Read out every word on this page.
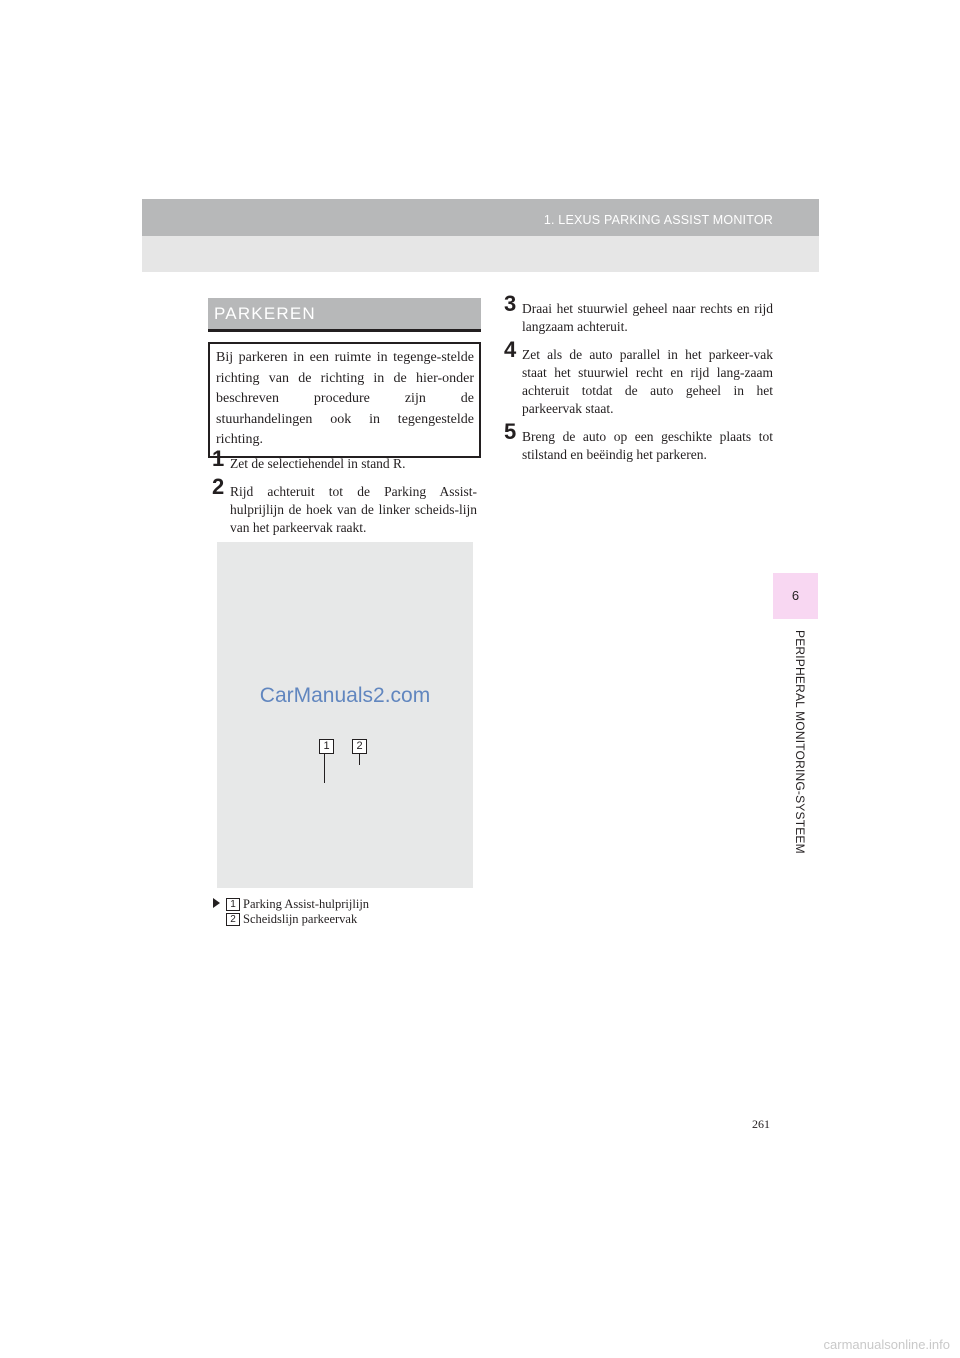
1. LEXUS PARKING ASSIST MONITOR
6
PERIPHERAL MONITORING-SYSTEEM
PARKEREN
Bij parkeren in een ruimte in tegenge-stelde richting van de richting in de hier-onder beschreven procedure zijn de stuurhandelingen ook in tegengestelde richting.
1 Zet de selectiehendel in stand R.
2 Rijd achteruit tot de Parking Assist-hulprijlijn de hoek van de linker scheids-lijn van het parkeervak raakt.
CarManuals2.com
1	2
1 Parking Assist-hulprijlijn
2 Scheidslijn parkeervak
3 Draai het stuurwiel geheel naar rechts en rijd langzaam achteruit.
4 Zet als de auto parallel in het parkeer-vak staat het stuurwiel recht en rijd lang-zaam achteruit totdat de auto geheel in het parkeervak staat.
5 Breng de auto op een geschikte plaats tot stilstand en beëindig het parkeren.
261
carmanualsonline.info
